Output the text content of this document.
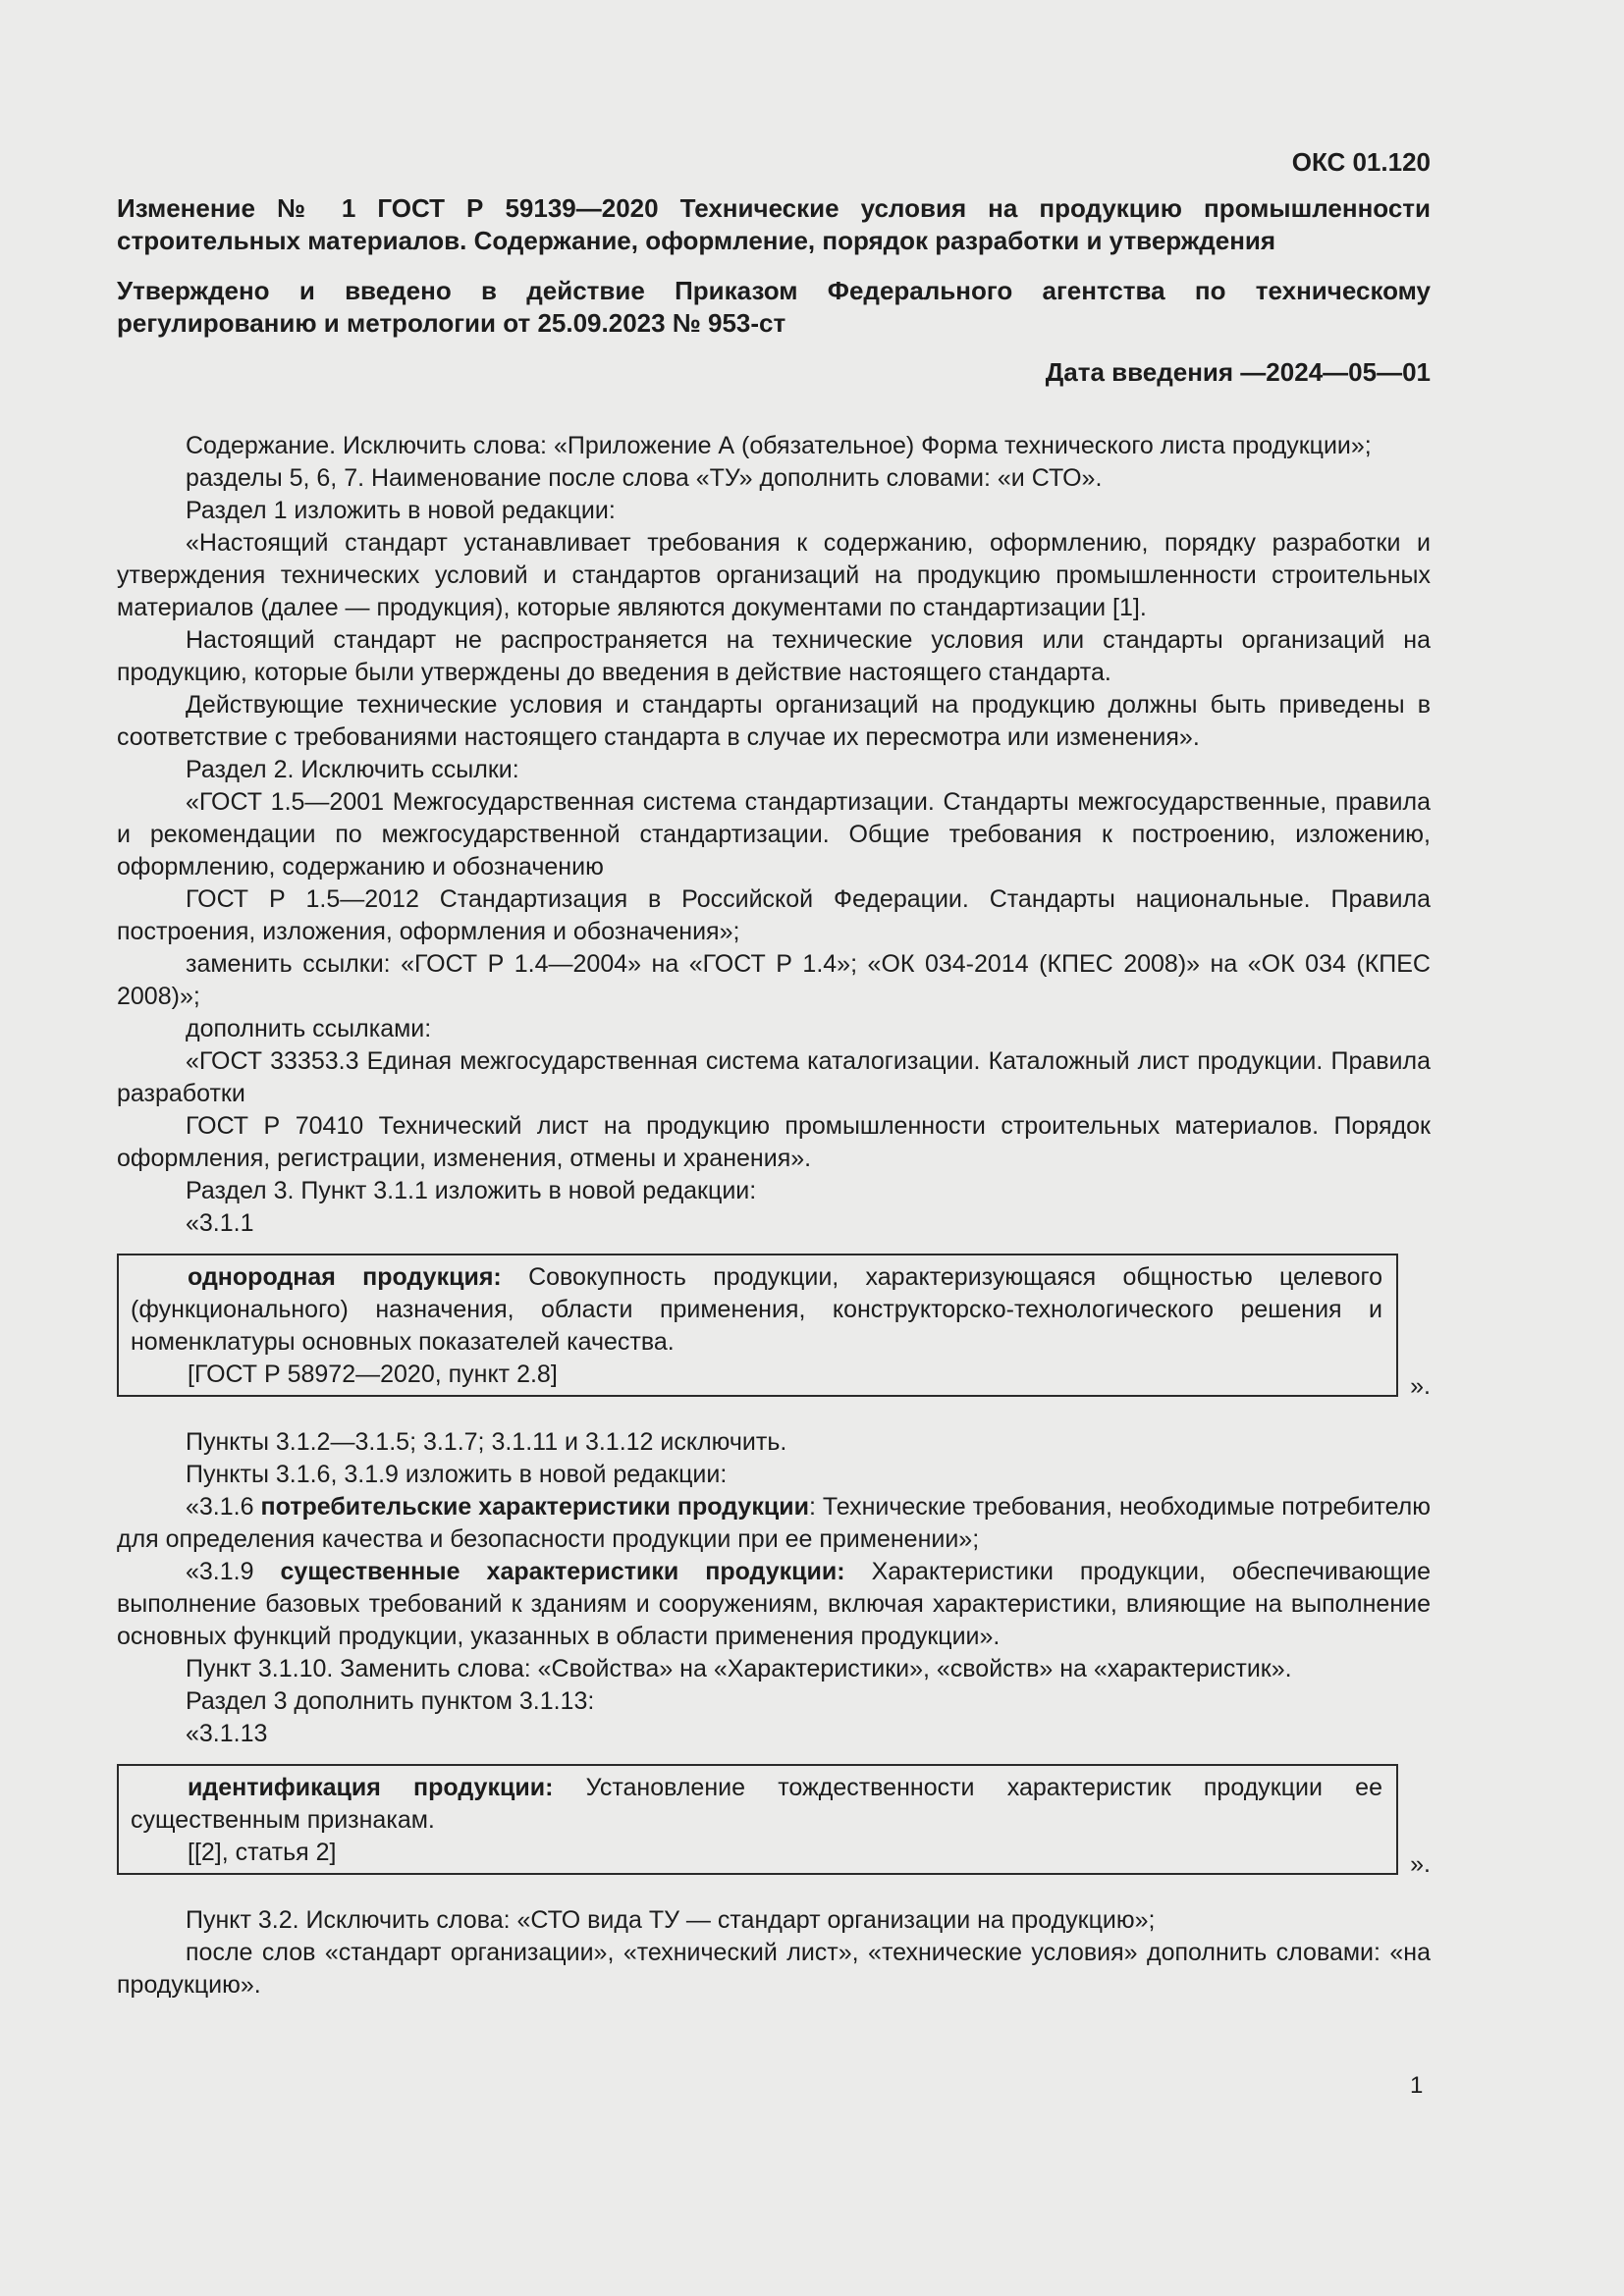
ОКС 01.120
Изменение № 1 ГОСТ Р 59139—2020 Технические условия на продукцию промышленности строительных материалов. Содержание, оформление, порядок разработки и утверждения
Утверждено и введено в действие Приказом Федерального агентства по техническому регулированию и метрологии от 25.09.2023 № 953-ст
Дата введения —2024—05—01

Содержание. Исключить слова: «Приложение А (обязательное) Форма технического листа продукции»;

разделы 5, 6, 7. Наименование после слова «ТУ» дополнить словами: «и СТО».

Раздел 1 изложить в новой редакции:

«Настоящий стандарт устанавливает требования к содержанию, оформлению, порядку разработки и утверждения технических условий и стандартов организаций на продукцию промышленности строительных материалов (далее — продукция), которые являются документами по стандартизации [1].

Настоящий стандарт не распространяется на технические условия или стандарты организаций на продукцию, которые были утверждены до введения в действие настоящего стандарта.

Действующие технические условия и стандарты организаций на продукцию должны быть приведены в соответствие с требованиями настоящего стандарта в случае их пересмотра или изменения».

Раздел 2. Исключить ссылки:

«ГОСТ 1.5—2001 Межгосударственная система стандартизации. Стандарты межгосударственные, правила и рекомендации по межгосударственной стандартизации. Общие требования к построению, изложению, оформлению, содержанию и обозначению

ГОСТ Р 1.5—2012 Стандартизация в Российской Федерации. Стандарты национальные. Правила построения, изложения, оформления и обозначения»;

заменить ссылки: «ГОСТ Р 1.4—2004» на «ГОСТ Р 1.4»; «ОК 034-2014 (КПЕС 2008)» на «ОК 034 (КПЕС 2008)»;

дополнить ссылками:

«ГОСТ 33353.3 Единая межгосударственная система каталогизации. Каталожный лист продукции. Правила разработки

ГОСТ Р 70410 Технический лист на продукцию промышленности строительных материалов. Порядок оформления, регистрации, изменения, отмены и хранения».

Раздел 3. Пункт 3.1.1 изложить в новой редакции:

«3.1.1

однородная продукция: Совокупность продукции, характеризующаяся общностью целевого (функционального) назначения, области применения, конструкторско-технологического решения и номенклатуры основных показателей качества.

[ГОСТ Р 58972—2020, пункт 2.8]	».

Пункты 3.1.2—3.1.5; 3.1.7; 3.1.11 и 3.1.12 исключить.

Пункты 3.1.6, 3.1.9 изложить в новой редакции:

«3.1.6 потребительские характеристики продукции: Технические требования, необходимые потребителю для определения качества и безопасности продукции при ее применении»;

«3.1.9 существенные характеристики продукции: Характеристики продукции, обеспечивающие выполнение базовых требований к зданиям и сооружениям, включая характеристики, влияющие на выполнение основных функций продукции, указанных в области применения продукции».

Пункт 3.1.10. Заменить слова: «Свойства» на «Характеристики», «свойств» на «характеристик».

Раздел 3 дополнить пунктом 3.1.13:

«3.1.13

идентификация продукции: Установление тождественности характеристик продукции ее существенным признакам.

[[2], статья 2]	».

Пункт 3.2. Исключить слова: «СТО вида ТУ — стандарт организации на продукцию»;

после слов «стандарт организации», «технический лист», «технические условия» дополнить словами: «на продукцию».

1
